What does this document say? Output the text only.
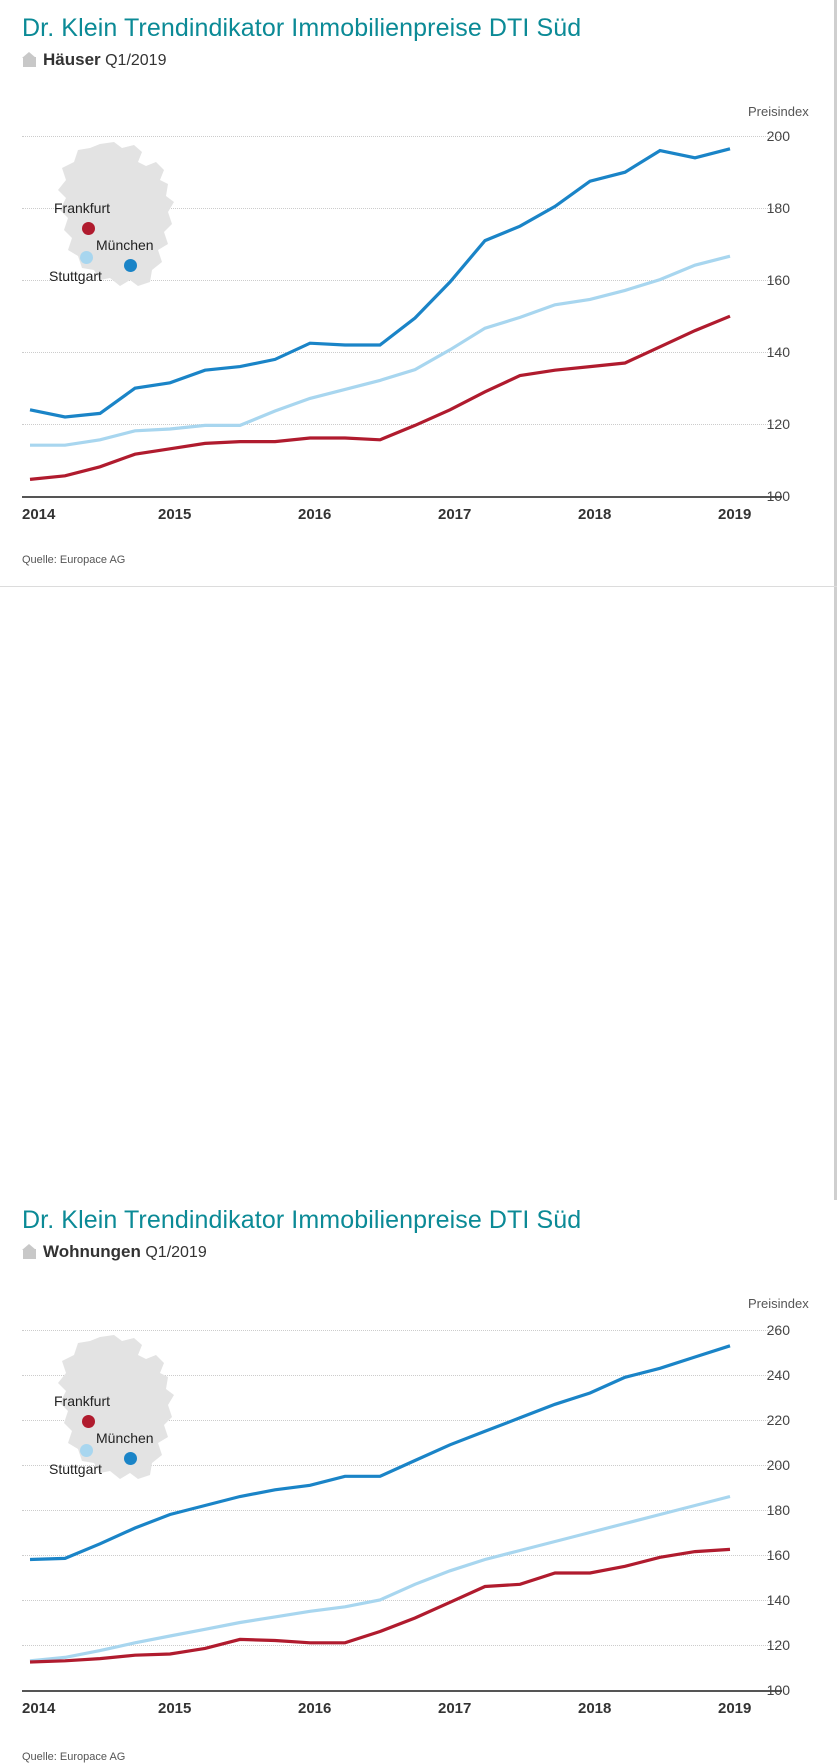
Dr. Klein Trendindikator Immobilienpreise DTI Süd
Häuser Q1/2019
Preisindex
200
180
160
140
120
100
2014	2015	2016	2017	2018	2019
Frankfurt
München
Stuttgart
Quelle: Europace AG
Dr. Klein Trendindikator Immobilienpreise DTI Süd
Wohnungen Q1/2019
Preisindex
260
240
220
200
180
160
140
120
100
2014	2015	2016	2017	2018	2019
Frankfurt
München
Stuttgart
Quelle: Europace AG
